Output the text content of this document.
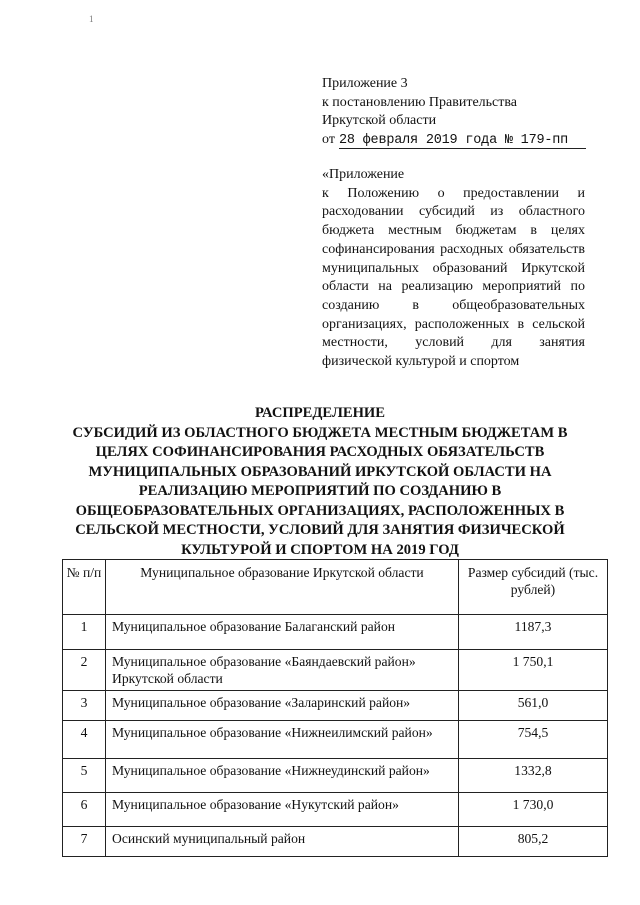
1
Приложение 3
к постановлению Правительства
Иркутской области
от 28 февраля 2019 года № 179-пп
«Приложение
к Положению о предоставлении и расходовании субсидий из областного бюджета местным бюджетам в целях софинансирования расходных обязательств муниципальных образований Иркутской области на реализацию мероприятий по созданию в общеобразовательных организациях, расположенных в сельской местности, условий для занятия физической культурой и спортом
РАСПРЕДЕЛЕНИЕ
СУБСИДИЙ ИЗ ОБЛАСТНОГО БЮДЖЕТА МЕСТНЫМ БЮДЖЕТАМ В ЦЕЛЯХ СОФИНАНСИРОВАНИЯ РАСХОДНЫХ ОБЯЗАТЕЛЬСТВ МУНИЦИПАЛЬНЫХ ОБРАЗОВАНИЙ ИРКУТСКОЙ ОБЛАСТИ НА РЕАЛИЗАЦИЮ МЕРОПРИЯТИЙ ПО СОЗДАНИЮ В ОБЩЕОБРАЗОВАТЕЛЬНЫХ ОРГАНИЗАЦИЯХ, РАСПОЛОЖЕННЫХ В СЕЛЬСКОЙ МЕСТНОСТИ, УСЛОВИЙ ДЛЯ ЗАНЯТИЯ ФИЗИЧЕСКОЙ КУЛЬТУРОЙ И СПОРТОМ НА 2019 ГОД
№ п/п	Муниципальное образование Иркутской области	Размер субсидий (тыс. рублей)
1	Муниципальное образование Балаганский район	1187,3
2	Муниципальное образование «Баяндаевский район» Иркутской области	1 750,1
3	Муниципальное образование «Заларинский район»	561,0
4	Муниципальное образование «Нижнеилимский район»	754,5
5	Муниципальное образование «Нижнеудинский район»	1332,8
6	Муниципальное образование «Нукутский район»	1 730,0
7	Осинский муниципальный район	805,2
